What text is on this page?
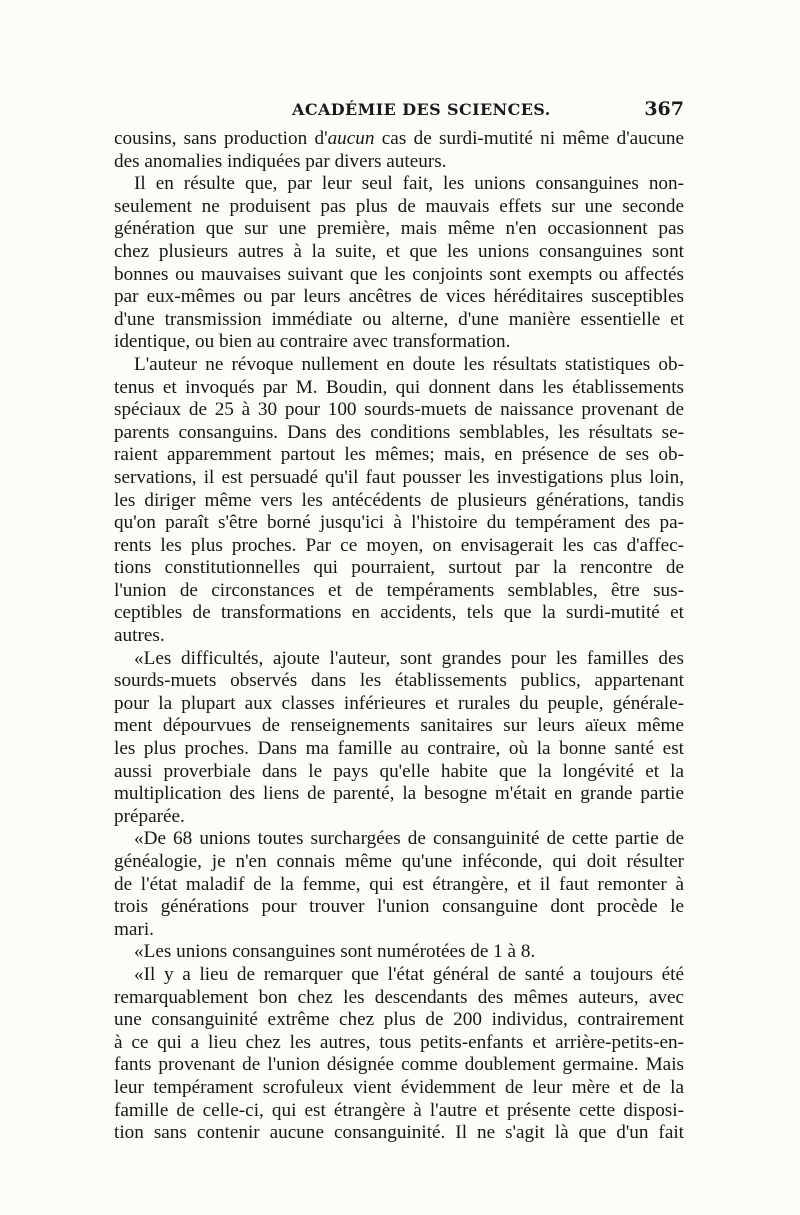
ACADÉMIE DES SCIENCES.	367
cousins, sans production d'aucun cas de surdi-mutité ni même d'aucune
des anomalies indiquées par divers auteurs.
Il en résulte que, par leur seul fait, les unions consanguines non-
seulement ne produisent pas plus de mauvais effets sur une seconde
génération que sur une première, mais même n'en occasionnent pas
chez plusieurs autres à la suite, et que les unions consanguines sont
bonnes ou mauvaises suivant que les conjoints sont exempts ou affectés
par eux-mêmes ou par leurs ancêtres de vices héréditaires susceptibles
d'une transmission immédiate ou alterne, d'une manière essentielle et
identique, ou bien au contraire avec transformation.
L'auteur ne révoque nullement en doute les résultats statistiques ob-
tenus et invoqués par M. Boudin, qui donnent dans les établissements
spéciaux de 25 à 30 pour 100 sourds-muets de naissance provenant de
parents consanguins. Dans des conditions semblables, les résultats se-
raient apparemment partout les mêmes; mais, en présence de ses ob-
servations, il est persuadé qu'il faut pousser les investigations plus loin,
les diriger même vers les antécédents de plusieurs générations, tandis
qu'on paraît s'être borné jusqu'ici à l'histoire du tempérament des pa-
rents les plus proches. Par ce moyen, on envisagerait les cas d'affec-
tions constitutionnelles qui pourraient, surtout par la rencontre de
l'union de circonstances et de tempéraments semblables, être sus-
ceptibles de transformations en accidents, tels que la surdi-mutité et
autres.
«Les difficultés, ajoute l'auteur, sont grandes pour les familles des
sourds-muets observés dans les établissements publics, appartenant
pour la plupart aux classes inférieures et rurales du peuple, générale-
ment dépourvues de renseignements sanitaires sur leurs aïeux même
les plus proches. Dans ma famille au contraire, où la bonne santé est
aussi proverbiale dans le pays qu'elle habite que la longévité et la
multiplication des liens de parenté, la besogne m'était en grande partie
préparée.
«De 68 unions toutes surchargées de consanguinité de cette partie de
généalogie, je n'en connais même qu'une inféconde, qui doit résulter
de l'état maladif de la femme, qui est étrangère, et il faut remonter à
trois générations pour trouver l'union consanguine dont procède le
mari.
«Les unions consanguines sont numérotées de 1 à 8.
«Il y a lieu de remarquer que l'état général de santé a toujours été
remarquablement bon chez les descendants des mêmes auteurs, avec
une consanguinité extrême chez plus de 200 individus, contrairement
à ce qui a lieu chez les autres, tous petits-enfants et arrière-petits-en-
fants provenant de l'union désignée comme doublement germaine. Mais
leur tempérament scrofuleux vient évidemment de leur mère et de la
famille de celle-ci, qui est étrangère à l'autre et présente cette disposi-
tion sans contenir aucune consanguinité. Il ne s'agit là que d'un fait
